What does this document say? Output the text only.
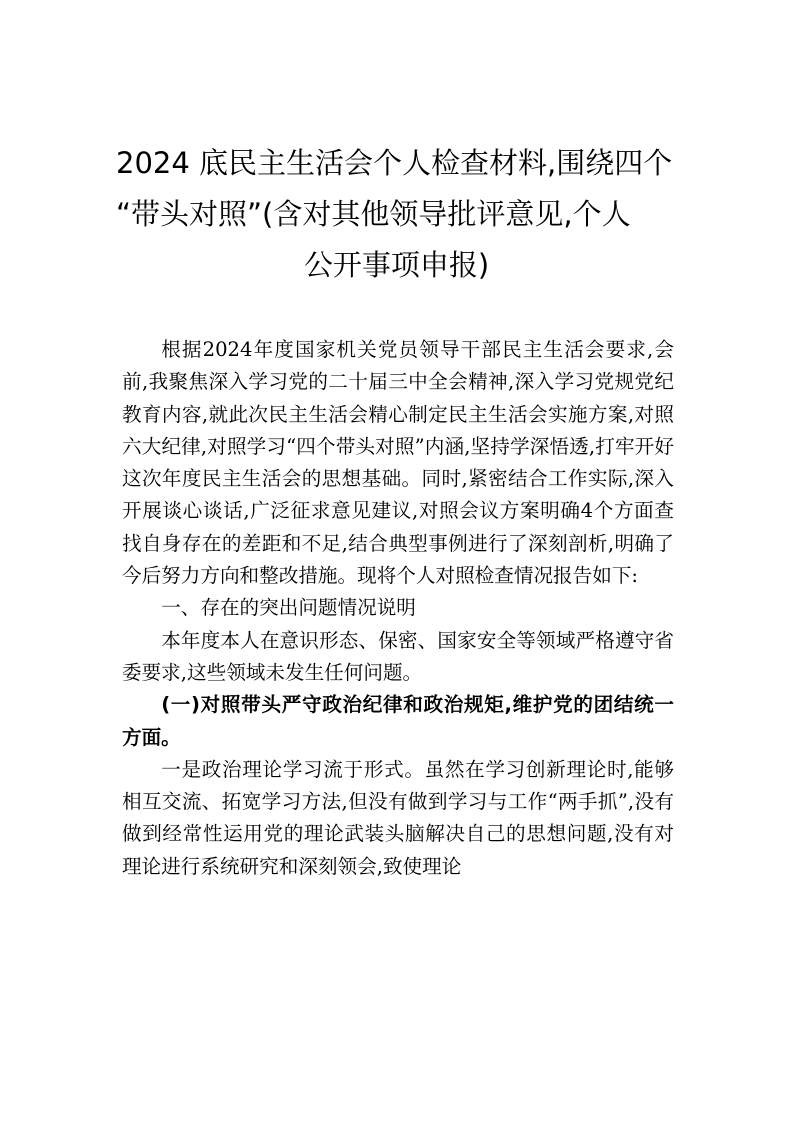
2024 底民主生活会个人检查材料,围绕四个
“带头对照”(含对其他领导批评意见,个人
公开事项申报)

根据2024年度国家机关党员领导干部民主生活会要求,会前,我聚焦深入学习党的二十届三中全会精神,深入学习党规党纪教育内容,就此次民主生活会精心制定民主生活会实施方案,对照六大纪律,对照学习“四个带头对照”内涵,坚持学深悟透,打牢开好这次年度民主生活会的思想基础。同时,紧密结合工作实际,深入开展谈心谈话,广泛征求意见建议,对照会议方案明确4个方面查找自身存在的差距和不足,结合典型事例进行了深刻剖析,明确了今后努力方向和整改措施。现将个人对照检查情况报告如下:

一、存在的突出问题情况说明

本年度本人在意识形态、保密、国家安全等领域严格遵守省委要求,这些领域未发生任何问题。

(一)对照带头严守政治纪律和政治规矩,维护党的团结统一方面。

一是政治理论学习流于形式。虽然在学习创新理论时,能够相互交流、拓宽学习方法,但没有做到学习与工作“两手抓”,没有做到经常性运用党的理论武装头脑解决自己的思想问题,没有对理论进行系统研究和深刻领会,致使理论
